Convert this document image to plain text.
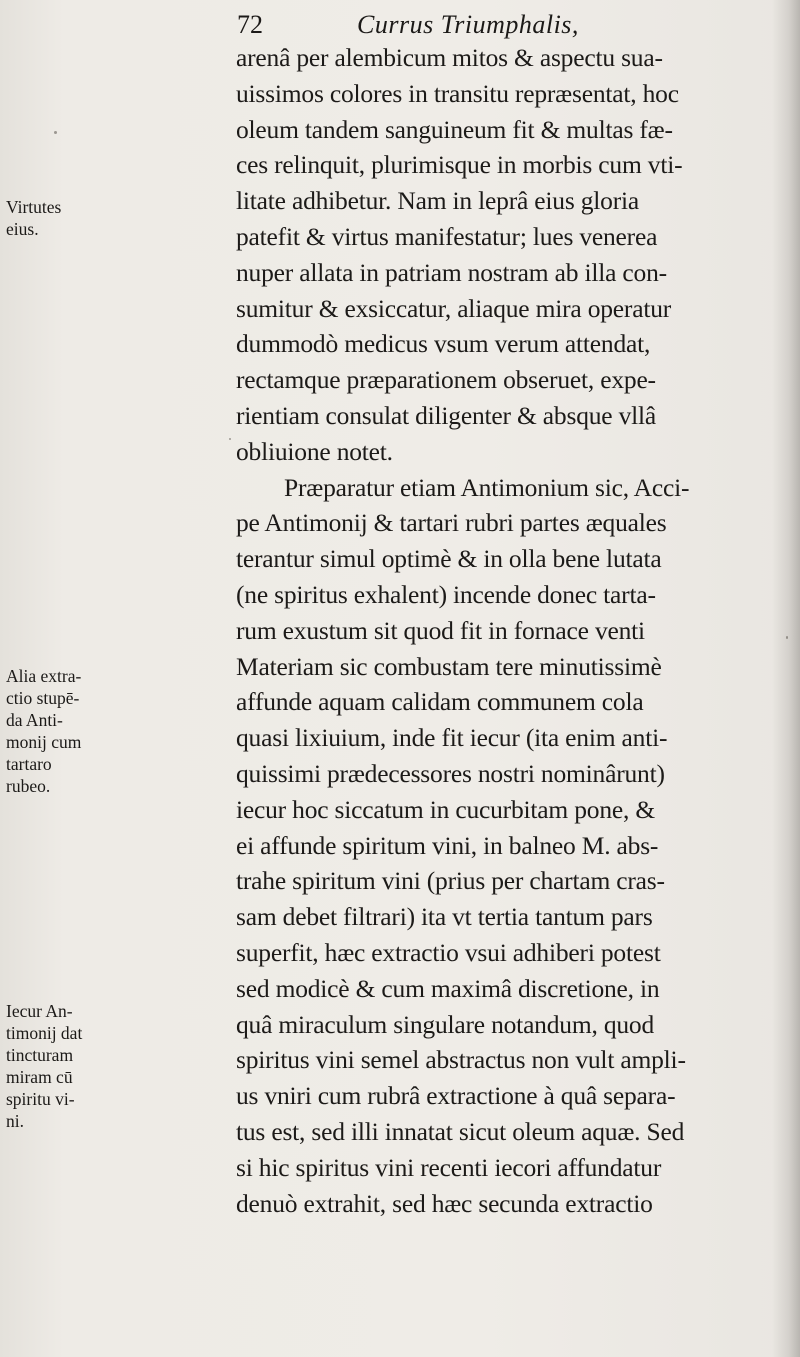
72	Currus Triumphalis,
Virtutes
eius.
Alia extra-
ctio stupē-
da Anti-
monij cum
tartaro
rubeo.
Iecur An-
timonij dat
tincturam
miram cū
spiritu vi-
ni.
arenâ per alembicum mitos & aspectu sua-
uissimos colores in transitu repræsentat, hoc
oleum tandem sanguineum fit & multas fæ-
ces relinquit, plurimisque in morbis cum vti-
litate adhibetur. Nam in leprâ eius gloria
patefit & virtus manifestatur; lues venerea
nuper allata in patriam nostram ab illa con-
sumitur & exsiccatur, aliaque mira operatur
dummodò medicus vsum verum attendat,
rectamque præparationem obseruet, expe-
rientiam consulat diligenter & absque vllâ
obliuione notet.
Præparatur etiam Antimonium sic, Acci-
pe Antimonij & tartari rubri partes æquales
terantur simul optimè & in olla bene lutata
(ne spiritus exhalent) incende donec tarta-
rum exustum sit quod fit in fornace venti
Materiam sic combustam tere minutissimè
affunde aquam calidam communem cola
quasi lixiuium, inde fit iecur (ita enim anti-
quissimi prædecessores nostri nominârunt)
iecur hoc siccatum in cucurbitam pone, &
ei affunde spiritum vini, in balneo M. abs-
trahe spiritum vini (prius per chartam cras-
sam debet filtrari) ita vt tertia tantum pars
superfit, hæc extractio vsui adhiberi potest
sed modicè & cum maximâ discretione, in
quâ miraculum singulare notandum, quod
spiritus vini semel abstractus non vult ampli-
us vniri cum rubrâ extractione à quâ separa-
tus est, sed illi innatat sicut oleum aquæ. Sed
si hic spiritus vini recenti iecori affundatur
denuò extrahit, sed hæc secunda extractio
